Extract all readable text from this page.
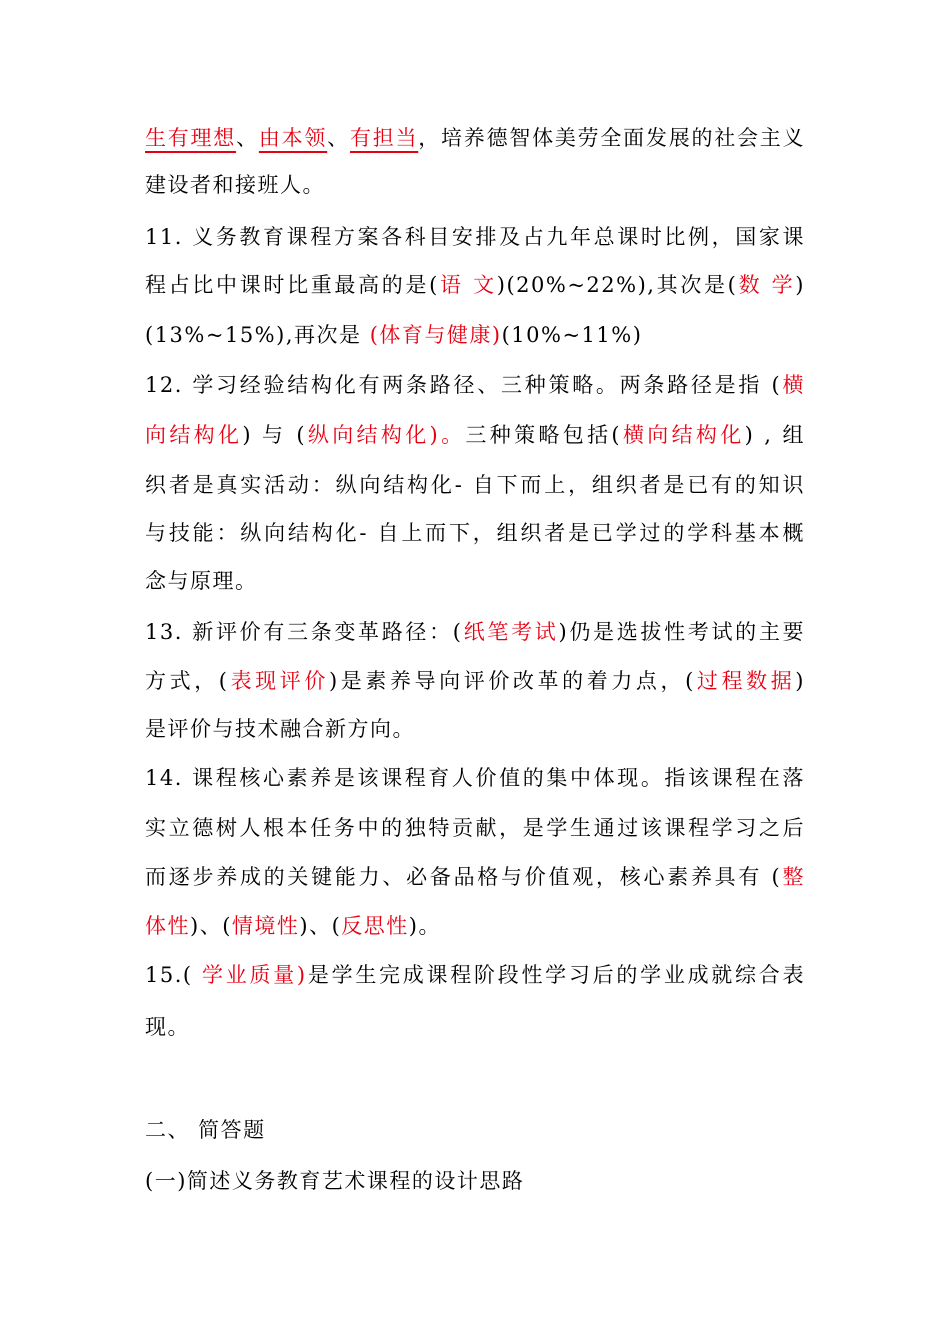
生有理想、由本领、有担当，培养德智体美劳全面发展的社会主义
建设者和接班人。
11. 义务教育课程方案各科目安排及占九年总课时比例，国家课
程占比中课时比重最高的是(语 文)(20%~22%),其次是(数 学)
(13%~15%),再次是 (体育与健康)(10%~11%)
12. 学习经验结构化有两条路径、三种策略。两条路径是指 (横
向结构化) 与 (纵向结构化)。三种策略包括(横向结构化) , 组
织者是真实活动：纵向结构化- 自下而上，组织者是已有的知识
与技能：纵向结构化- 自上而下，组织者是已学过的学科基本概
念与原理。
13. 新评价有三条变革路径：(纸笔考试)仍是选拔性考试的主要
方式，(表现评价)是素养导向评价改革的着力点，(过程数据)
是评价与技术融合新方向。
14. 课程核心素养是该课程育人价值的集中体现。指该课程在落
实立德树人根本任务中的独特贡献，是学生通过该课程学习之后
而逐步养成的关键能力、必备品格与价值观，核心素养具有 (整
体性)、(情境性)、(反思性)。
15.( 学业质量)是学生完成课程阶段性学习后的学业成就综合表
现。
二、 简答题
(一)简述义务教育艺术课程的设计思路
